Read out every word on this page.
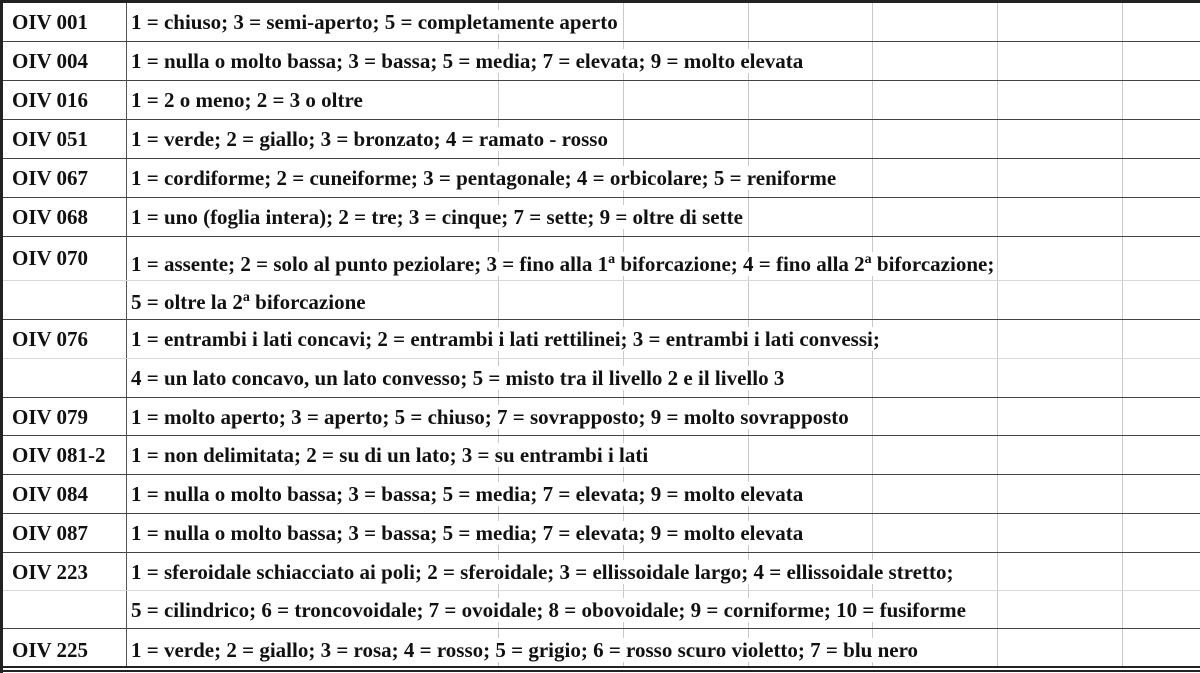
OIV 001 1 = chiuso; 3 = semi-aperto; 5 = completamente aperto
OIV 004 1 = nulla o molto bassa; 3 = bassa; 5 = media; 7 = elevata; 9 = molto elevata
OIV 016 1 = 2 o meno; 2 = 3 o oltre
OIV 051 1 = verde; 2 = giallo; 3 = bronzato; 4 = ramato - rosso
OIV 067 1 = cordiforme; 2 = cuneiforme; 3 = pentagonale; 4 = orbicolare; 5 = reniforme
OIV 068 1 = uno (foglia intera); 2 = tre; 3 = cinque; 7 = sette; 9 = oltre di sette
OIV 070 1 = assente; 2 = solo al punto peziolare; 3 = fino alla 1$^a$ biforcazione; 4 = fino alla 2$^a$ biforcazione;
5 = oltre la 2$^a$ biforcazione
OIV 076 1 = entrambi i lati concavi; 2 = entrambi i lati rettilinei; 3 = entrambi i lati convessi;
4 = un lato concavo, un lato convesso; 5 = misto tra il livello 2 e il livello 3
OIV 079 1 = molto aperto; 3 = aperto; 5 = chiuso; 7 = sovrapposto; 9 = molto sovrapposto
OIV 081-2 1 = non delimitata; 2 = su di un lato; 3 = su entrambi i lati
OIV 084 1 = nulla o molto bassa; 3 = bassa; 5 = media; 7 = elevata; 9 = molto elevata
OIV 087 1 = nulla o molto bassa; 3 = bassa; 5 = media; 7 = elevata; 9 = molto elevata
OIV 223 1 = sferoidale schiacciato ai poli; 2 = sferoidale; 3 = ellissoidale largo; 4 = ellissoidale stretto;
5 = cilindrico; 6 = troncovoidale; 7 = ovoidale; 8 = obovoidale; 9 = corniforme; 10 = fusiforme
OIV 225 1 = verde; 2 = giallo; 3 = rosa; 4 = rosso; 5 = grigio; 6 = rosso scuro violetto; 7 = blu nero
